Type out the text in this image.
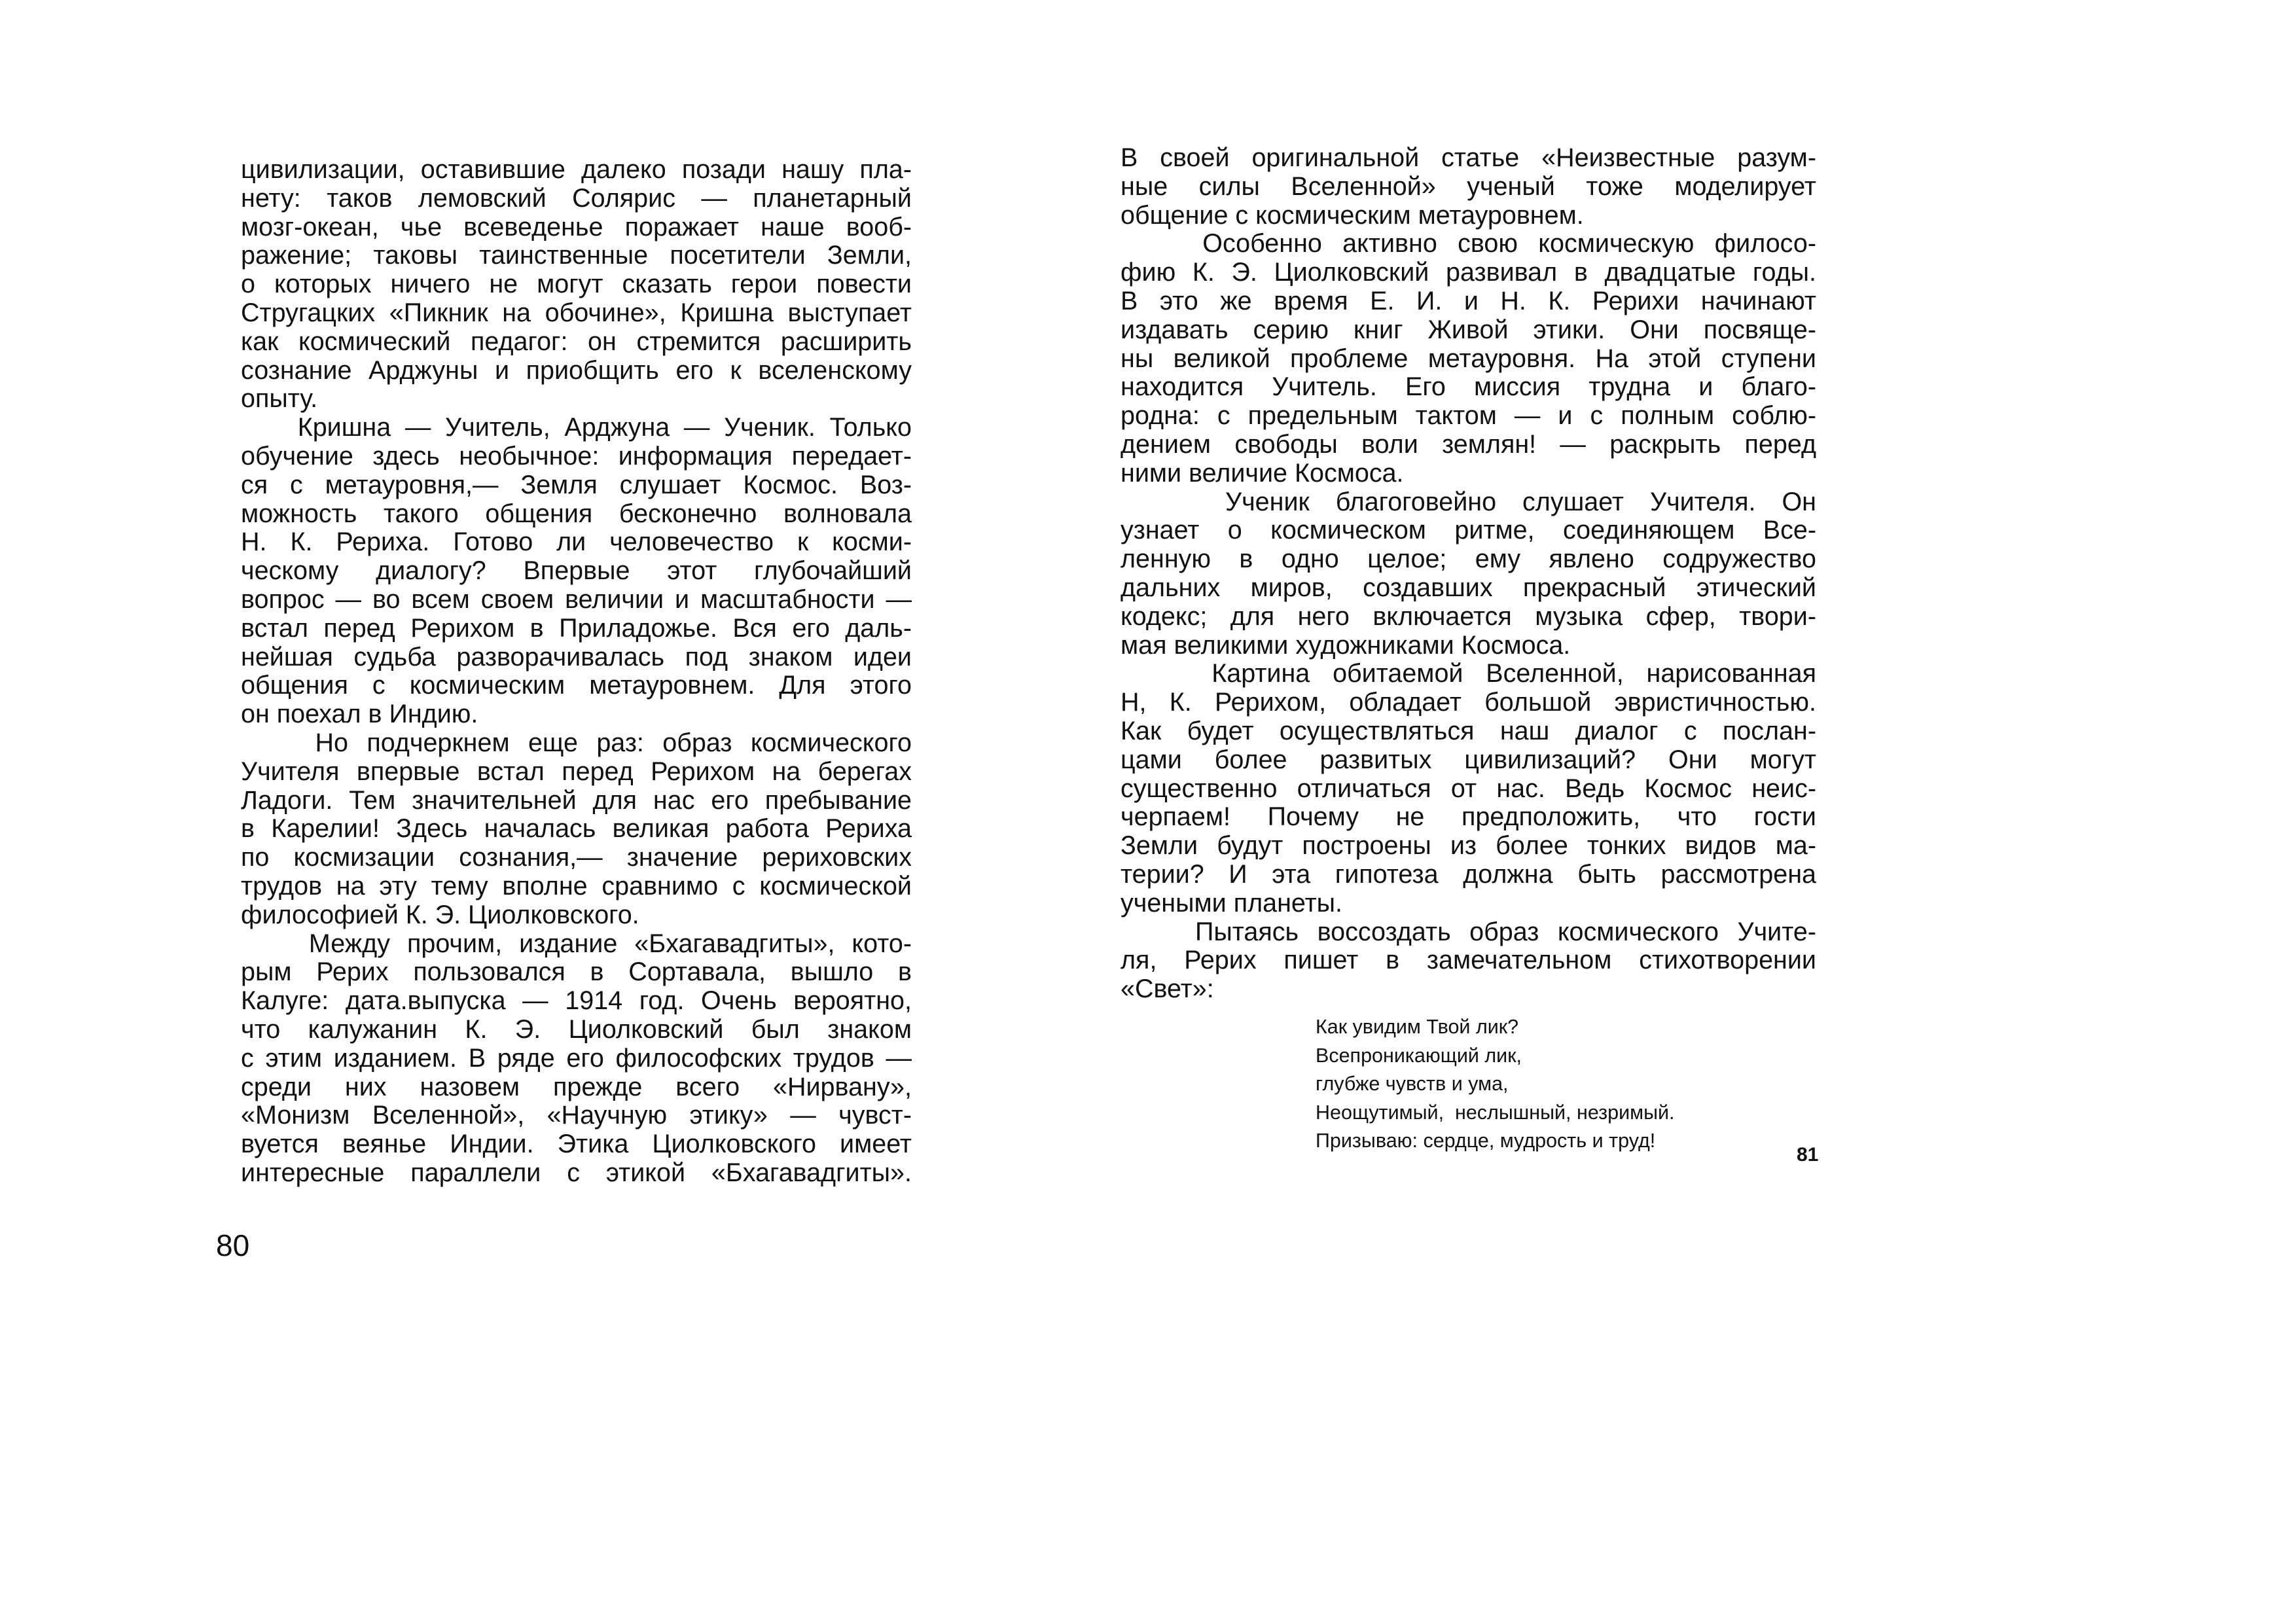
цивилизации, оставившие далеко позади нашу пла-
нету: таков лемовский Солярис — планетарный
мозг-океан, чье всеведенье поражает наше вооб-
ражение; таковы таинственные посетители Земли,
о которых ничего не могут сказать герои повести
Стругацких «Пикник на обочине», Кришна выступает
как космический педагог: он стремится расширить
сознание Арджуны и приобщить его к вселенскому
опыту.
Кришна — Учитель, Арджуна — Ученик. Только
обучение здесь необычное: информация передает-
ся с метауровня,— Земля слушает Космос. Воз-
можность такого общения бесконечно волновала
Н. К. Рериха. Готово ли человечество к косми-
ческому диалогу? Впервые этот глубочайший
вопрос — во всем своем величии и масштабности —
встал перед Рерихом в Приладожье. Вся его даль-
нейшая судьба разворачивалась под знаком идеи
общения с космическим метауровнем. Для этого
он поехал в Индию.
Но подчеркнем еще раз: образ космического
Учителя впервые встал перед Рерихом на берегах
Ладоги. Тем значительней для нас его пребывание
в Карелии! Здесь началась великая работа Рериха
по космизации сознания,— значение рериховских
трудов на эту тему вполне сравнимо с космической
философией К. Э. Циолковского.
Между прочим, издание «Бхагавадгиты», кото-
рым Рерих пользовался в Сортавала, вышло в
Калуге: дата.выпуска — 1914 год. Очень вероятно,
что калужанин К. Э. Циолковский был знаком
с этим изданием. В ряде его философских трудов —
среди них назовем прежде всего «Нирвану»,
«Монизм Вселенной», «Научную этику» — чувст-
вуется веянье Индии. Этика Циолковского имеет
интересные параллели с этикой «Бхагавадгиты».
80
В своей оригинальной статье «Неизвестные разум-
ные силы Вселенной» ученый тоже моделирует
общение с космическим метауровнем.
Особенно активно свою космическую филосо-
фию К. Э. Циолковский развивал в двадцатые годы.
В это же время Е. И. и Н. К. Рерихи начинают
издавать серию книг Живой этики. Они посвяще-
ны великой проблеме метауровня. На этой ступени
находится Учитель. Его миссия трудна и благо-
родна: с предельным тактом — и с полным соблю-
дением свободы воли землян! — раскрыть перед
ними величие Космоса.
Ученик благоговейно слушает Учителя. Он
узнает о космическом ритме, соединяющем Все-
ленную в одно целое; ему явлено содружество
дальних миров, создавших прекрасный этический
кодекс; для него включается музыка сфер, твори-
мая великими художниками Космоса.
Картина обитаемой Вселенной, нарисованная
Н, К. Рерихом, обладает большой эвристичностью.
Как будет осуществляться наш диалог с послан-
цами более развитых цивилизаций? Они могут
существенно отличаться от нас. Ведь Космос неис-
черпаем! Почему не предположить, что гости
Земли будут построены из более тонких видов ма-
терии? И эта гипотеза должна быть рассмотрена
учеными планеты.
Пытаясь воссоздать образ космического Учите-
ля, Рерих пишет в замечательном стихотворении
«Свет»:
Как увидим Твой лик?
Всепроникающий лик,
глубже чувств и ума,
Неощутимый,  неслышный, незримый.
Призываю: сердце, мудрость и труд!
81
